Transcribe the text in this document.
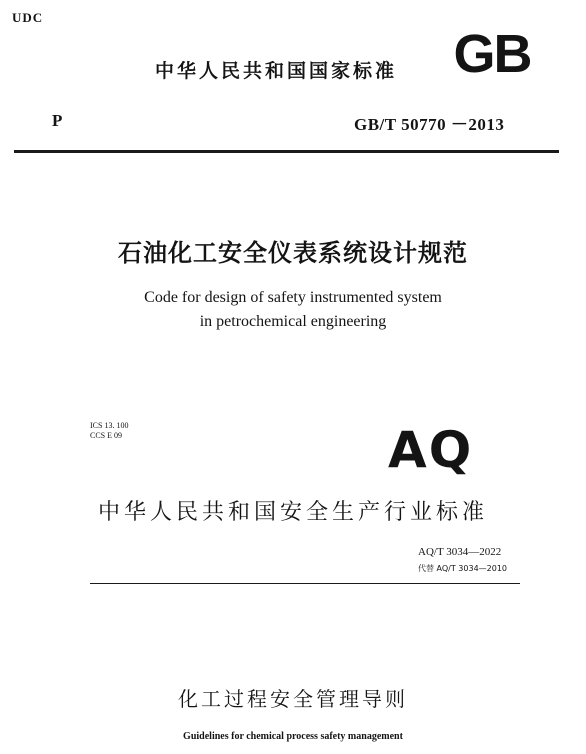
UDC
中华人民共和国国家标准 GB
P	GB/T 50770 －2013
石油化工安全仪表系统设计规范
Code for design of safety instrumented system
in petrochemical engineering
ICS 13. 100
CCS E 09	AQ
中华人民共和国安全生产行业标准
AQ/T 3034—2022
代替 AQ/T 3034—2010
化工过程安全管理导则
Guidelines for chemical process safety management
